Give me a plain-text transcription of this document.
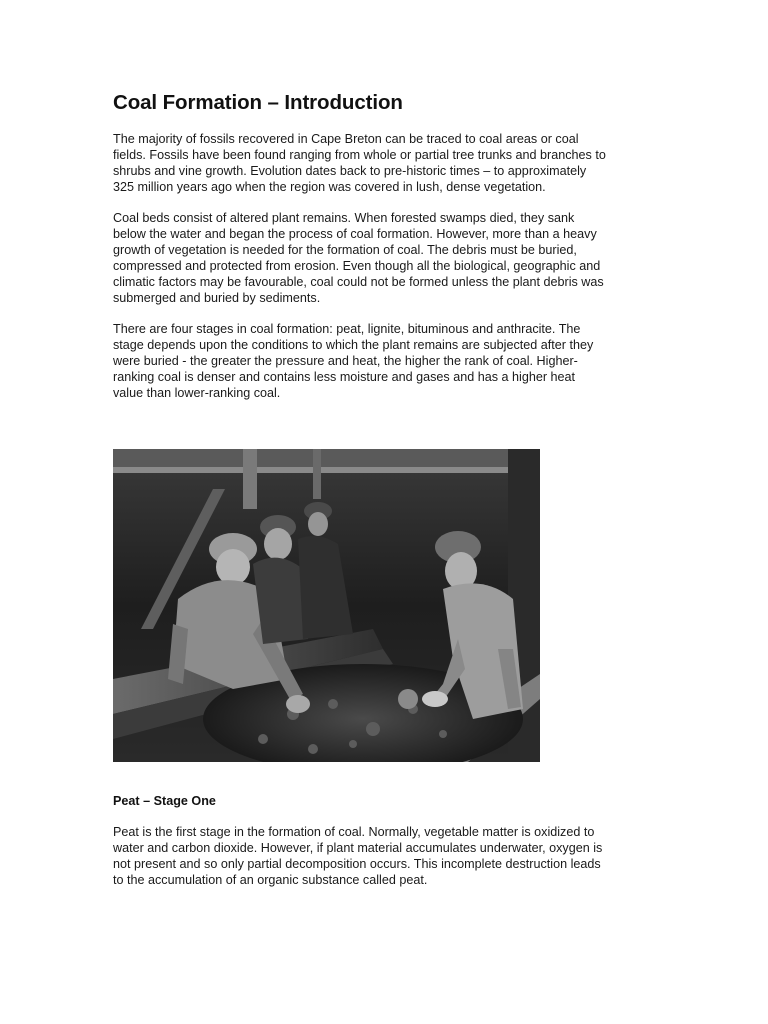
Coal Formation – Introduction

The majority of fossils recovered in Cape Breton can be traced to coal areas or coal
fields. Fossils have been found ranging from whole or partial tree trunks and branches to
shrubs and vine growth. Evolution dates back to pre-historic times – to approximately
325 million years ago when the region was covered in lush, dense vegetation.

Coal beds consist of altered plant remains. When forested swamps died, they sank
below the water and began the process of coal formation. However, more than a heavy
growth of vegetation is needed for the formation of coal. The debris must be buried,
compressed and protected from erosion. Even though all the biological, geographic and
climatic factors may be favourable, coal could not be formed unless the plant debris was
submerged and buried by sediments.

There are four stages in coal formation: peat, lignite, bituminous and anthracite. The
stage depends upon the conditions to which the plant remains are subjected after they
were buried - the greater the pressure and heat, the higher the rank of coal. Higher-
ranking coal is denser and contains less moisture and gases and has a higher heat
value than lower-ranking coal.

Peat – Stage One

Peat is the first stage in the formation of coal. Normally, vegetable matter is oxidized to
water and carbon dioxide. However, if plant material accumulates underwater, oxygen is
not present and so only partial decomposition occurs. This incomplete destruction leads
to the accumulation of an organic substance called peat.
